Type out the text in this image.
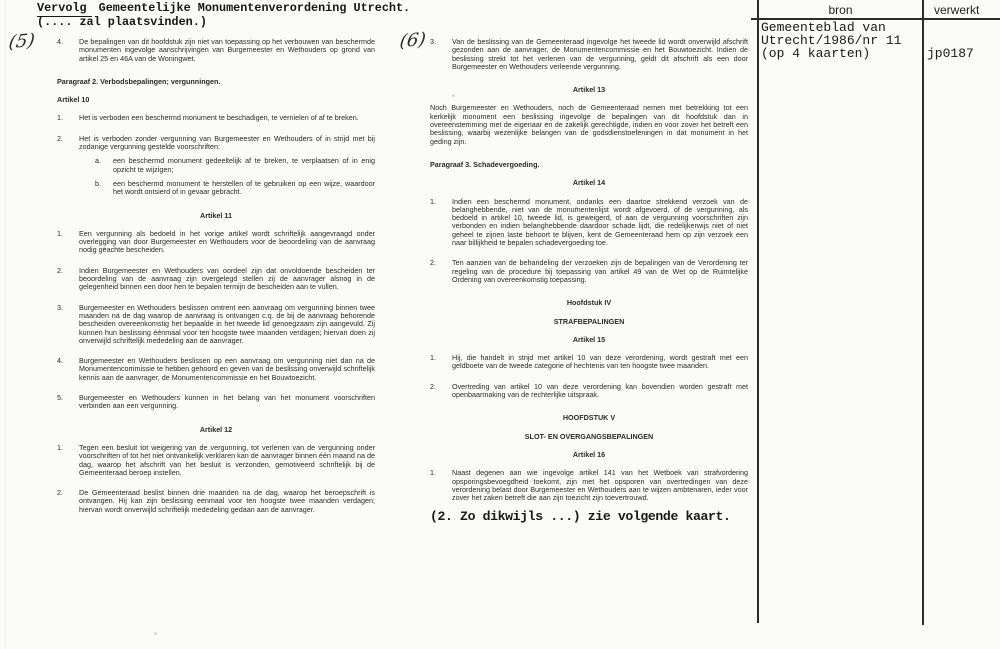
Vervolg Gemeentelijke Monumentenverordening Utrecht.
(.... zal plaatsvinden.)
(5)	(6)
4.	De bepalingen van dit hoofdstuk zijn niet van toepassing op het verbouwen van beschermde monumenten ingevolge aanschrijvingen van Burgemeester en Wethouders op grond van artikel 25 en 46A van de Woningwet.
Paragraaf 2. Verbodsbepalingen; vergunningen.
Artikel 10
1.	Het is verboden een beschermd monument te beschadigen, te vernielen of af te breken.
2.	Het is verboden zonder vergunning van Burgemeester en Wethouders of in strijd met bij zodanige vergunning gestelde voorschriften:
a.	een beschermd monument gedeeltelijk af te breken, te verplaatsen of in enig opzicht te wijzigen;
b.	een beschermd monument te herstellen of te gebruiken op een wijze, waardoor het wordt ontsierd of in gevaar gebracht.
Artikel 11
1.	Een vergunning als bedoeld in het vorige artikel wordt schriftelijk aangevraagd onder overlegging van door Burgemeester en Wethouders voor de beoordeling van de aanvraag nodig geachte bescheiden.
2.	Indien Burgemeester en Wethouders van oordeel zijn dat onvoldoende bescheiden ter beoordeling van de aanvraag zijn overgelegd stellen zij de aanvrager alsnog in de gelegenheid binnen een door hen te bepalen termijn de bescheiden aan te vullen.
3.	Burgemeester en Wethouders beslissen omtrent een aanvraag om vergunning binnen twee maanden na de dag waarop de aanvraag is ontvangen c.q. de bij de aanvraag behorende bescheiden overeenkomstig het bepaalde in het tweede lid genoegzaam zijn aangevuld. Zij kunnen hun beslissing éénmaal voor ten hoogste twee maanden verdagen; hiervan doen zij onverwijld schriftelijk mededeling aan de aanvrager.
4.	Burgemeester en Wethouders beslissen op een aanvraag om vergunning niet dan na de Monumentencommissie te hebben gehoord en geven van de beslissing onverwijld schriftelijk kennis aan de aanvrager, de Monumentencommissie en het Bouwtoezicht.
5.	Burgemeester en Wethouders kunnen in het belang van het monument voorschriften verbinden aan een vergunning.
Artikel 12
1.	Tegen een besluit tot weigering van de vergunning, tot verlenen van de vergunning onder voorschriften of tot het niet ontvankelijk verklaren kan de aanvrager binnen één maand na de dag, waarop het afschrift van het besluit is verzonden, gemotiveerd schriftelijk bij de Gemeenteraad beroep instellen.
2.	De Gemeenteraad beslist binnen drie maanden na de dag, waarop het beroepschrift is ontvangen. Hij kan zijn beslissing eenmaal voor ten hoogste twee maanden verdagen; hiervan wordt onverwijld schriftelijk mededeling gedaan aan de aanvrager.
3.	Van de beslissing van de Gemeenteraad ingevolge het tweede lid wordt onverwijld afschrift gezonden aan de aanvrager, de Monumentencommissie en het Bouwtoezicht. Indien de beslissing strekt tot het verlenen van de vergunning, geldt dit afschrift als een door Burgemeester en Wethouders verleende vergunning.
Artikel 13
Noch Burgemeester en Wethouders, noch de Gemeenteraad nemen met betrekking tot een kerkelijk monument een beslissing ingevolge de bepalingen van dit hoofdstuk dan in overeenstemming met de eigenaar en de zakelijk gerechtigde, indien en voor zover het betreft een beslissing, waarbij wezenlijke belangen van de godsdienstoefeningen in dat monument in het geding zijn.
Paragraaf 3. Schadevergoeding.
Artikel 14
1.	Indien een beschermd monument, ondanks een daartoe strekkend verzoek van de belanghebbende, niet van de monumentenlijst wordt afgevoerd, of de vergunning, als bedoeld in artikel 10, tweede lid, is geweigerd, of aan de vergunning voorschriften zijn verbonden en indien belanghebbende daardoor schade lijdt, die redelijkerwijs niet of niet geheel te zijnen laste behoort te blijven, kent de Gemeenteraad hem op zijn verzoek een naar billijkheid te bepalen schadevergoeding toe.
2.	Ten aanzien van de behandeling der verzoeken zijn de bepalingen van de Verordening ter regeling van de procedure bij toepassing van artikel 49 van de Wet op de Ruimtelijke Ordening van overeenkomstig toepassing.
Hoofdstuk IV
STRAFBEPALINGEN
Artikel 15
1.	Hij, die handelt in strijd met artikel 10 van deze verordening, wordt gestraft met een geldboete van de tweede categorie of hechtenis van ten hoogste twee maanden.
2.	Overtreding van artikel 10 van deze verordening kan bovendien worden gestraft met openbaarmaking van de rechterlijke uitspraak.
HOOFDSTUK V
SLOT- EN OVERGANGSBEPALINGEN
Artikel 16
1.	Naast degenen aan wie ingevolge artikel 141 van het Wetboek van strafvordering opsporingsbevoegdheid toekomt, zijn met het opsporen van overtredingen van deze verordening belast door Burgemeester en Wethouders aan te wijzen ambtenaren, ieder voor zover het zaken betreft die aan zijn toezicht zijn toevertrouwd.
(2. Zo dikwijls ...) zie volgende kaart.
bron	verwerkt
Gemeenteblad van
Utrecht/1986/nr 11
(op 4 kaarten)	jp0187
